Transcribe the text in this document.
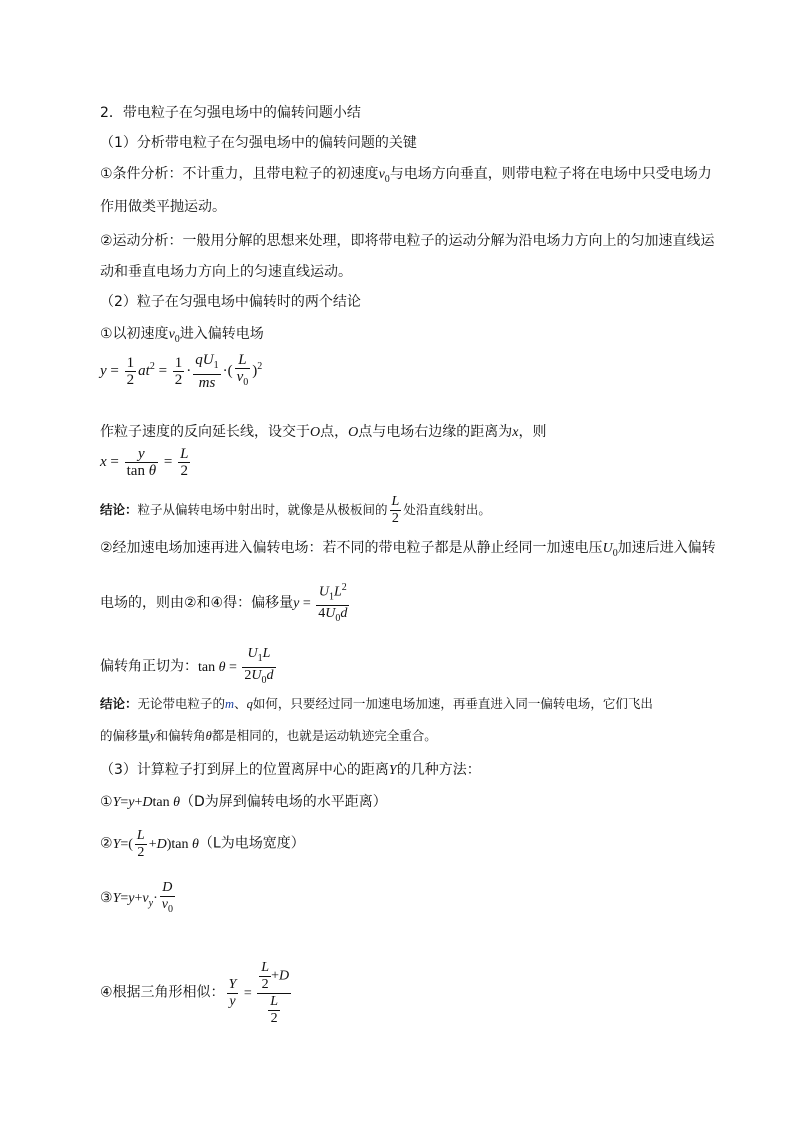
2．带电粒子在匀强电场中的偏转问题小结
（1）分析带电粒子在匀强电场中的偏转问题的关键
①条件分析：不计重力，且带电粒子的初速度$v_0$与电场方向垂直，则带电粒子将在电场中只受电场力
作用做类平抛运动。
②运动分析：一般用分解的思想来处理，即将带电粒子的运动分解为沿电场力方向上的匀加速直线运
动和垂直电场力方向上的匀速直线运动。
（2）粒子在匀强电场中偏转时的两个结论
①以初速度$v_0$进入偏转电场
$y = \frac{1}{2} at^2 = \frac{1}{2} \cdot \frac{qU_1}{ms}$ ·( $\frac{L}{v_0} )^2$
作粒子速度的反向延长线，设交于O点，O点与电场右边缘的距离为x，则
$x = \frac{y}{\text{tan θ}} = \frac{L}{2}$
结论：粒子从偏转电场中射出时，就像是从极板间的 $\frac{L}{2}$ 处沿直线射出。
②经加速电场加速再进入偏转电场：若不同的带电粒子都是从静止经同一加速电压$U_0$加速后进入偏转
电场的，则由②和④得：偏移量$y = \frac{U_1L^2}{4U_0d}$
偏转角正切为：$\tan \theta = \frac{U_1L}{2U_0d}$
结论：无论带电粒子的m、q如何，只要经过同一加速电场加速，再垂直进入同一偏转电场，它们飞出
的偏移量y和偏转角θ都是相同的，也就是运动轨迹完全重合。
（3）计算粒子打到屏上的位置离屏中心的距离Y的几种方法：
①Y=y+Dtan θ（D为屏到偏转电场的水平距离）
②Y=( $\frac{L}{2} +D)\tan$ θ（L为电场宽度）
$③Y=y+v_y\cdot \frac{D}{v_0}$
④根据三角形相似： $\frac{Y}{y} = \frac{\frac{L}{2} +D}{\frac{L}{2}}$
